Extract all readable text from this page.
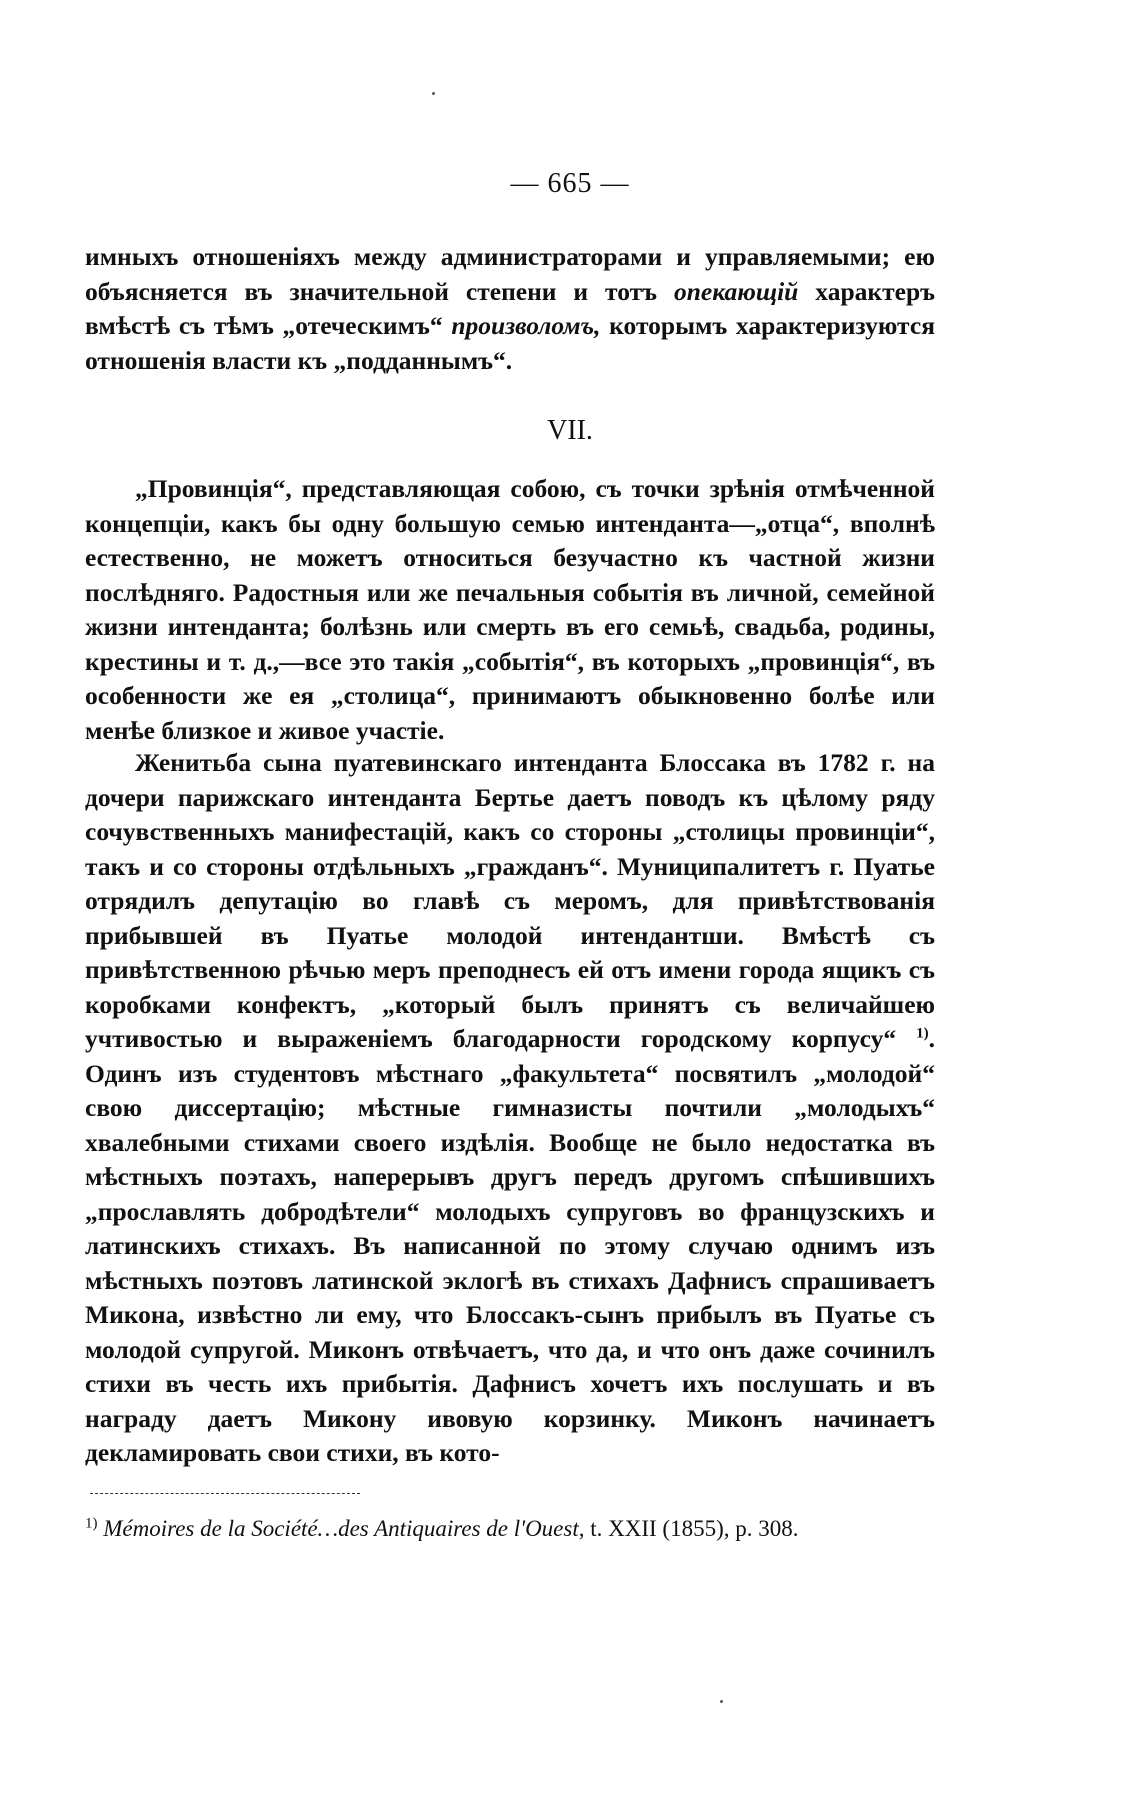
— 665 —

имныхъ отношеніяхъ между администраторами и управляемыми; ею объясняется въ значительной степени и тотъ опекающій характеръ вмѣстѣ съ тѣмъ „отеческимъ“ произволомъ, которымъ характеризуются отношенія власти къ „подданнымъ“.

VII.

„Провинція“, представляющая собою, съ точки зрѣнія отмѣченной концепціи, какъ бы одну большую семью интенданта—„отца“, вполнѣ естественно, не можетъ относиться безучастно къ частной жизни послѣдняго. Радостныя или же печальныя событія въ личной, семейной жизни интенданта; болѣзнь или смерть въ его семьѣ, свадьба, родины, крестины и т. д.,—все это такія „событія“, въ которыхъ „провинція“, въ особенности же ея „столица“, принимаютъ обыкновенно болѣе или менѣе близкое и живое участіе.

Женитьба сына пуатевинскаго интенданта Блоссака въ 1782 г. на дочери парижскаго интенданта Бертье даетъ поводъ къ цѣлому ряду сочувственныхъ манифестацій, какъ со стороны „столицы провинціи“, такъ и со стороны отдѣльныхъ „гражданъ“. Муниципалитетъ г. Пуатье отрядилъ депутацію во главѣ съ меромъ, для привѣтствованія прибывшей въ Пуатье молодой интендантши. Вмѣстѣ съ привѣтственною рѣчью меръ преподнесъ ей отъ имени города ящикъ съ коробками конфектъ, „который былъ принятъ съ величайшею учтивостью и выраженіемъ благодарности городскому корпусу“ $^{1)}$. Одинъ изъ студентовъ мѣстнаго „факультета“ посвятилъ „молодой“ свою диссертацію; мѣстные гимназисты почтили „молодыхъ“ хвалебными стихами своего издѣлія. Вообще не было недостатка въ мѣстныхъ поэтахъ, наперерывъ другъ передъ другомъ спѣшившихъ „прославлять добродѣтели“ молодыхъ супруговъ во французскихъ и латинскихъ стихахъ. Въ написанной по этому случаю однимъ изъ мѣстныхъ поэтовъ латинской эклогѣ въ стихахъ Дафнисъ спрашиваетъ Микона, извѣстно ли ему, что Блоссакъ-сынъ прибылъ въ Пуатье съ молодой супругой. Миконъ отвѣчаетъ, что да, и что онъ даже сочинилъ стихи въ честь ихъ прибытія. Дафнисъ хочетъ ихъ послушать и въ награду даетъ Микону ивовую корзинку. Миконъ начинаетъ декламировать свои стихи, въ кото-

$^{1)}$ Mémoires de la Société…des Antiquaires de l'Ouest, t. XXII (1855), p. 308.
